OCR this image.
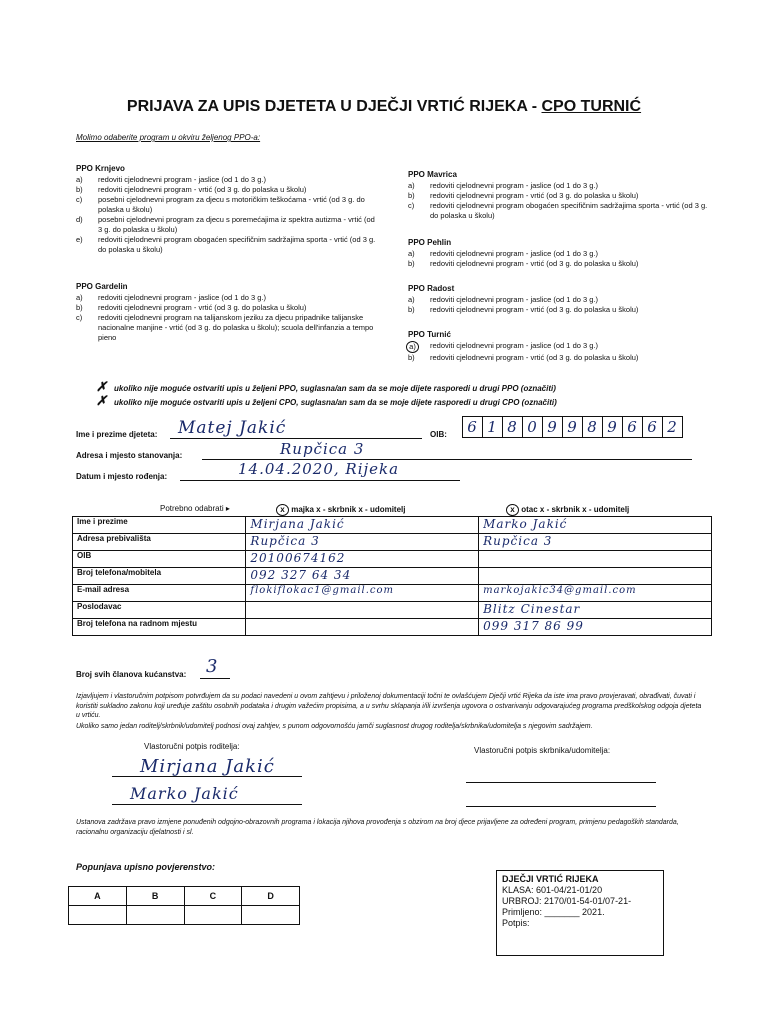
PRIJAVA ZA UPIS DJETETA U DJEČJI VRTIĆ RIJEKA - CPO TURNIĆ
Molimo odaberite program u okviru željenog PPO-a:
PPO Krnjevo
a)	redoviti cjelodnevni program - jaslice (od 1 do 3 g.)
b)	redoviti cjelodnevni program - vrtić (od 3 g. do polaska u školu)
c)	posebni cjelodnevni program za djecu s motoričkim teškoćama - vrtić (od 3 g. do polaska u školu)
d)	posebni cjelodnevni program za djecu s poremećajima iz spektra autizma - vrtić (od 3 g. do polaska u školu)
e)	redoviti cjelodnevni program obogaćen specifičnim sadržajima sporta - vrtić (od 3 g. do polaska u školu)
PPO Gardelin
a)	redoviti cjelodnevni program - jaslice (od 1 do 3 g.)
b)	redoviti cjelodnevni program - vrtić (od 3 g. do polaska u školu)
c)	redoviti cjelodnevni program na talijanskom jeziku za djecu pripadnike talijanske nacionalne manjine - vrtić (od 3 g. do polaska u školu); scuola dell'infanzia a tempo pieno
PPO Mavrica
a)	redoviti cjelodnevni program - jaslice (od 1 do 3 g.)
b)	redoviti cjelodnevni program - vrtić (od 3 g. do polaska u školu)
c)	redoviti cjelodnevni program obogaćen specifičnim sadržajima sporta - vrtić (od 3 g. do polaska u školu)
PPO Pehlin
a)	redoviti cjelodnevni program - jaslice (od 1 do 3 g.)
b)	redoviti cjelodnevni program - vrtić (od 3 g. do polaska u školu)
PPO Radost
a)	redoviti cjelodnevni program - jaslice (od 1 do 3 g.)
b)	redoviti cjelodnevni program - vrtić (od 3 g. do polaska u školu)
PPO Turnić
a)	redoviti cjelodnevni program - jaslice (od 1 do 3 g.)
b)	redoviti cjelodnevni program - vrtić (od 3 g. do polaska u školu)
✗ ukoliko nije moguće ostvariti upis u željeni PPO, suglasna/an sam da se moje dijete rasporedi u drugi PPO (označiti)
✗ ukoliko nije moguće ostvariti upis u željeni CPO, suglasna/an sam da se moje dijete rasporedi u drugi CPO (označiti)
Ime i prezime djeteta: Matej Jakić	OIB: 6 1 8 0 9 9 8 9 6 6 2
Adresa i mjesto stanovanja:	Rupčica 3
Datum i mjesto rođenja:	14.04.2020, Rijeka
Potrebno odabrati ▸	x majka x - skrbnik x - udomitelj	x otac x - skrbnik x - udomitelj
Ime i prezime	Mirjana Jakić	Marko Jakić
Adresa prebivališta	Rupčica 3	Rupčica 3
OIB	20100674162	
Broj telefona/mobitela	092 327 64 34	
E-mail adresa	flokiflokac1@gmail.com	markojakic34@gmail.com
Poslodavac		Blitz Cinestar
Broj telefona na radnom mjestu		099 317 86 99
Broj svih članova kućanstva: 3
Izjavljujem i vlastoručnim potpisom potvrđujem da su podaci navedeni u ovom zahtjevu i priloženoj dokumentaciji točni te ovlašćujem Dječji vrtić Rijeka da iste ima pravo provjeravati, obrađivati, čuvati i koristiti sukladno zakonu koji uređuje zaštitu osobnih podataka i drugim važećim propisima, a u svrhu sklapanja i/ili izvršenja ugovora o ostvarivanju odgovarajućeg programa predškolskog odgoja djeteta u vrtiću.
Ukoliko samo jedan roditelj/skrbnik/udomitelj podnosi ovaj zahtjev, s punom odgovornošću jamči suglasnost drugog roditelja/skrbnika/udomitelja s njegovim sadržajem.
Vlastoručni potpis roditelja:
Mirjana Jakić
Marko Jakić
Vlastoručni potpis skrbnika/udomitelja:
Ustanova zadržava pravo izmjene ponuđenih odgojno-obrazovnih programa i lokacija njihova provođenja s obzirom na broj djece prijavljene za određeni program, primjenu pedagoških standarda, racionalnu organizaciju djelatnosti i sl.
Popunjava upisno povjerenstvo:
A	B	C	D

DJEČJI VRTIĆ RIJEKA
KLASA: 601-04/21-01/20
URBROJ: 2170/01-54-01/07-21-
Primljeno: _______ 2021.
Potpis:
